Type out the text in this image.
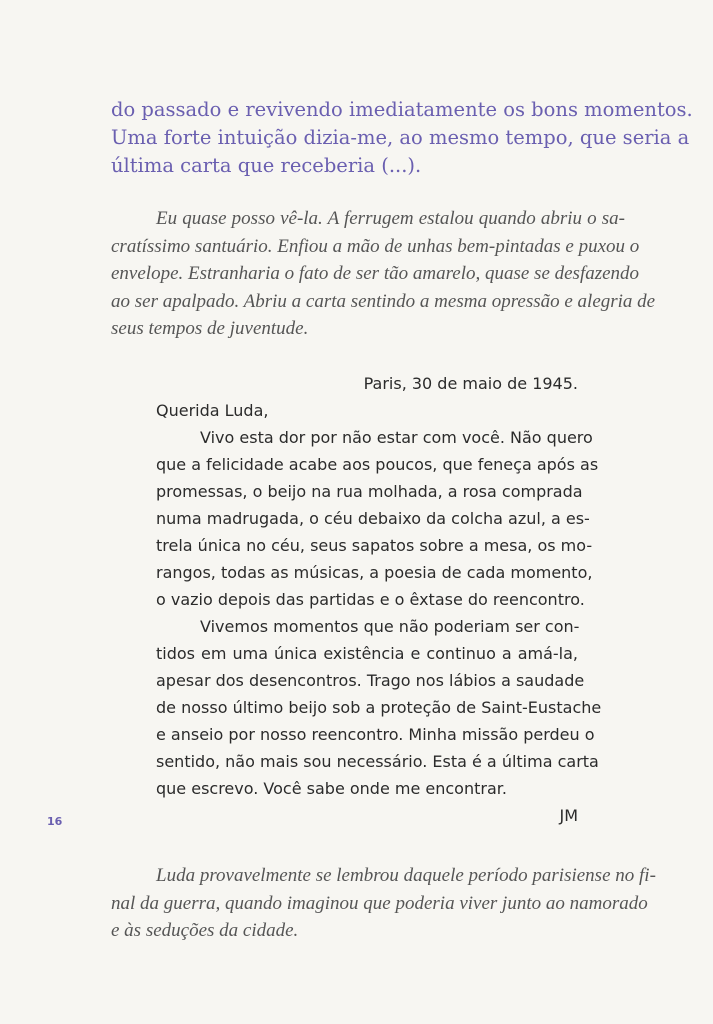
do passado e revivendo imediatamente os bons momentos.
Uma forte intuição dizia-me, ao mesmo tempo, que seria a
última carta que receberia (...).
Eu quase posso vê-la. A ferrugem estalou quando abriu o sa-
cratíssimo santuário. Enfiou a mão de unhas bem-pintadas e puxou o
envelope. Estranharia o fato de ser tão amarelo, quase se desfazendo
ao ser apalpado. Abriu a carta sentindo a mesma opressão e alegria de
seus tempos de juventude.
Paris, 30 de maio de 1945.
Querida Luda,
Vivo esta dor por não estar com você. Não quero
que a felicidade acabe aos poucos, que feneça após as
promessas, o beijo na rua molhada, a rosa comprada
numa madrugada, o céu debaixo da colcha azul, a es-
trela única no céu, seus sapatos sobre a mesa, os mo-
rangos, todas as músicas, a poesia de cada momento,
o vazio depois das partidas e o êxtase do reencontro.
Vivemos momentos que não poderiam ser con-
tidos em uma única existência e continuo a amá-la,
apesar dos desencontros. Trago nos lábios a saudade
de nosso último beijo sob a proteção de Saint-Eustache
e anseio por nosso reencontro. Minha missão perdeu o
sentido, não mais sou necessário. Esta é a última carta
que escrevo. Você sabe onde me encontrar.
JM
16
Luda provavelmente se lembrou daquele período parisiense no fi-
nal da guerra, quando imaginou que poderia viver junto ao namorado
e às seduções da cidade.
